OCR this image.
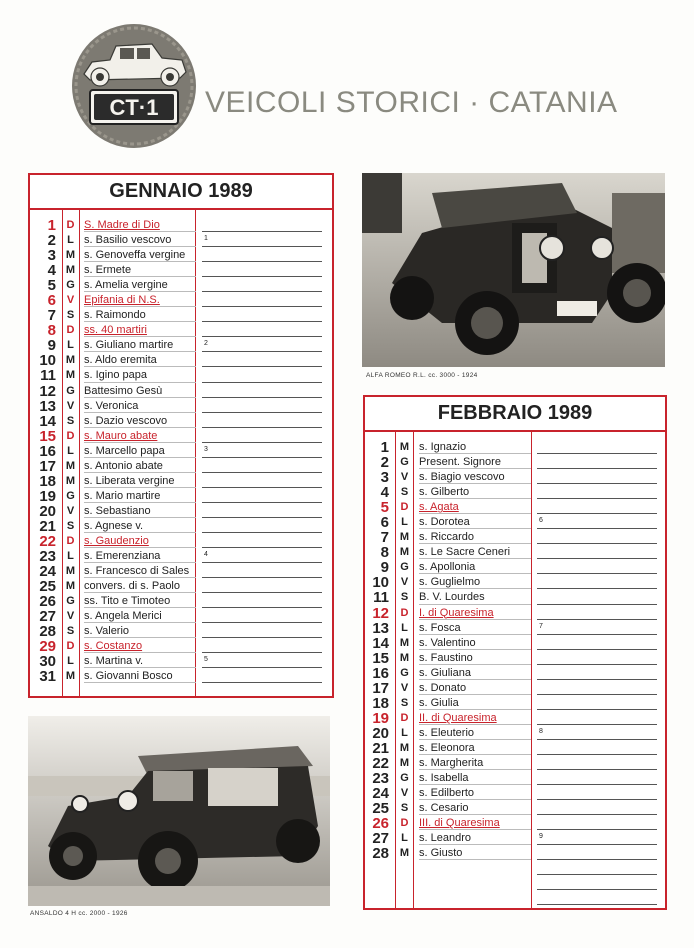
CT·1 VEICOLI STORICI · CATANIA
GENNAIO 1989
1 D S. Madre di Dio
2	L s. Basilio vescovo	1
3 M s. Genoveffa vergine
4 M s. Ermete
5 G s. Amelia vergine
6 V Epifania di N.S.
7 S s. Raimondo
8 D ss. 40 martiri
9	L s. Giuliano martire	2
10 M s. Aldo eremita
11 M s. Igino papa
12 G Battesimo Gesù
13 V s. Veronica
14 S s. Dazio vescovo
15 D s. Mauro abate
16	L s. Marcello papa	3
17 M s. Antonio abate
18 M s. Liberata vergine
19 G s. Mario martire
20 V s. Sebastiano
21 S s. Agnese v.
22 D s. Gaudenzio
23	L s. Emerenziana	4
24 M s. Francesco di Sales
25 M convers. di s. Paolo
26 G ss. Tito e Timoteo
27 V s. Angela Merici
28 S s. Valerio
29 D s. Costanzo
30	L s. Martina v.	5
31 M s. Giovanni Bosco
FEBBRAIO 1989
1 M s. Ignazio
2 G Present. Signore
3	V s. Biagio vescovo
4	S s. Gilberto
5	D s. Agata
6	L	s. Dorotea	6
7 M s. Riccardo
8 M s. Le Sacre Ceneri
9 G s. Apollonia
10	V s. Guglielmo
11	S B. V. Lourdes
12	D I. di Quaresima
13	L	s. Fosca	7
14 M s. Valentino
15 M s. Faustino
16 G s. Giuliana
17	V s. Donato
18	S s. Giulia
19	D II. di Quaresima
20	L	s. Eleuterio	8
21 M s. Eleonora
22 M s. Margherita
23 G s. Isabella
24	V s. Edilberto
25	S s. Cesario
26	D III. di Quaresima
27	L	s. Leandro	9
28 M s. Giusto
ALFA ROMEO R.L. cc. 3000 - 1924
ANSALDO 4 H cc. 2000 - 1926
